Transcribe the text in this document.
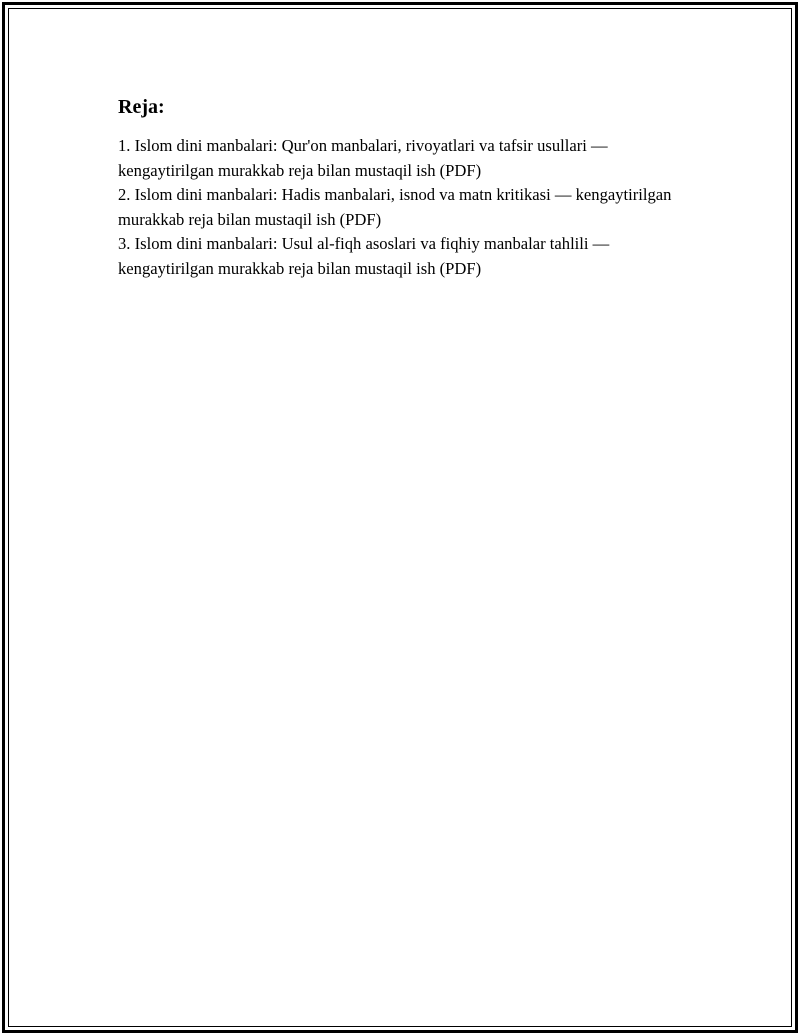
Reja:
1. Islom dini manbalari: Qur'on manbalari, rivoyatlari va tafsir usullari — kengaytirilgan murakkab reja bilan mustaqil ish (PDF)
2. Islom dini manbalari: Hadis manbalari, isnod va matn kritikasi — kengaytirilgan murakkab reja bilan mustaqil ish (PDF)
3. Islom dini manbalari: Usul al-fiqh asoslari va fiqhiy manbalar tahlili — kengaytirilgan murakkab reja bilan mustaqil ish (PDF)
